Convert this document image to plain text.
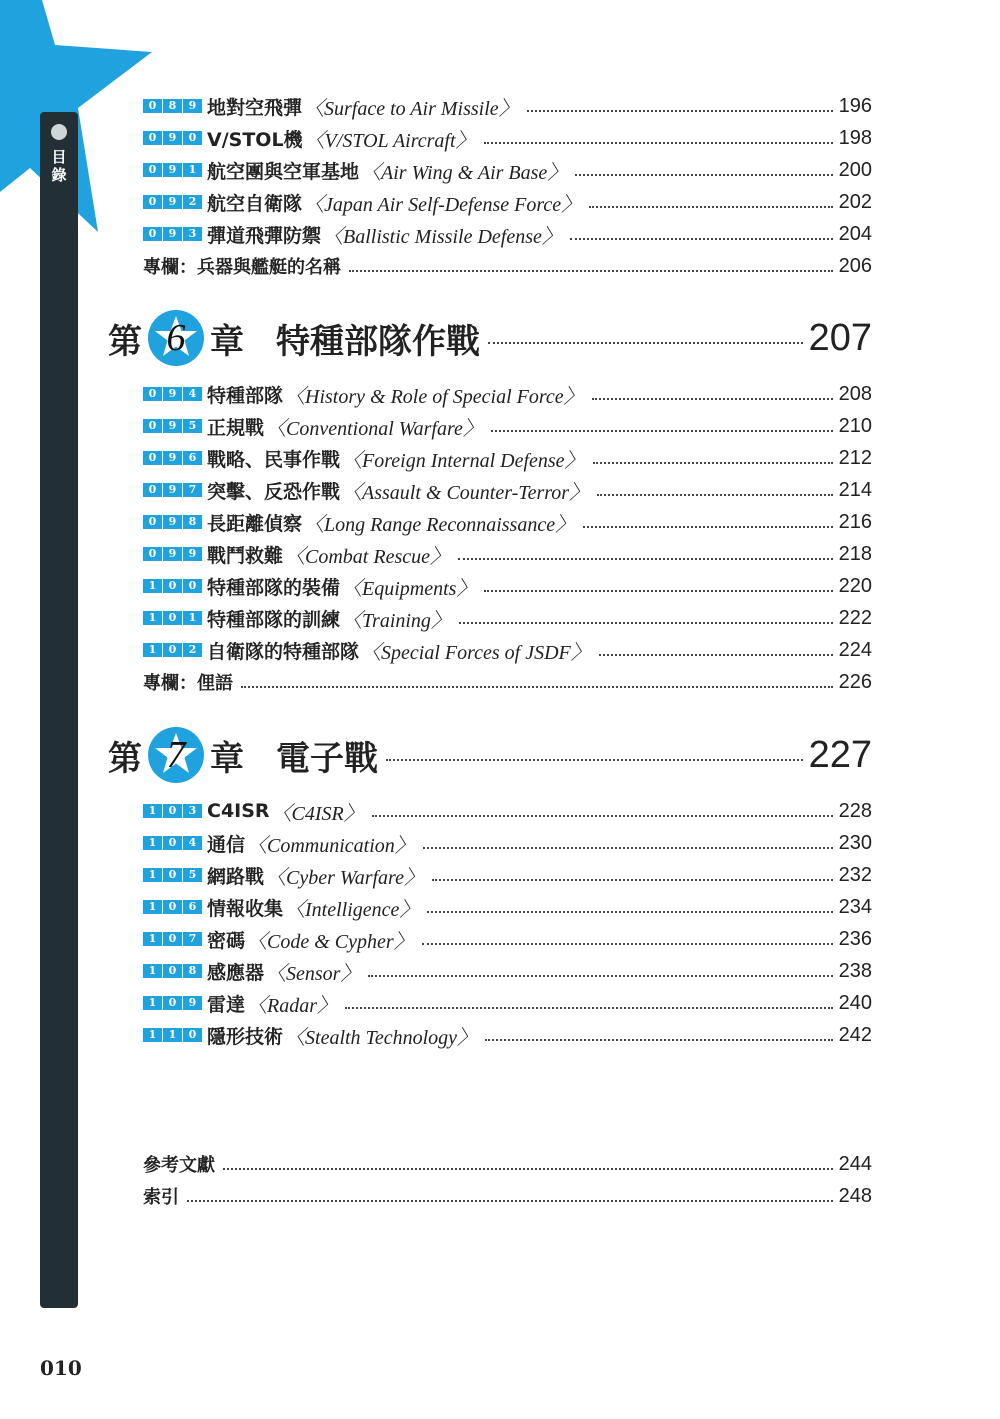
目錄
0	8	9 地對空飛彈 〈Surface to Air Missile〉	196
0	9	0 V/STOL機 〈V/STOL Aircraft〉	198
0	9	1 航空團與空軍基地 〈Air Wing & Air Base〉	200
0	9	2 航空自衛隊 〈Japan Air Self-Defense Force〉	202
0	9	3 彈道飛彈防禦 〈Ballistic Missile Defense〉	204
專欄：兵器與艦艇的名稱	206
第 6 章 特種部隊作戰	207
0	9	4 特種部隊 〈History & Role of Special Force〉	208
0	9	5 正規戰 〈Conventional Warfare〉	210
0	9	6 戰略、民事作戰 〈Foreign Internal Defense〉	212
0	9	7 突擊、反恐作戰 〈Assault & Counter-Terror〉	214
0	9	8 長距離偵察 〈Long Range Reconnaissance〉	216
0	9	9 戰鬥救難 〈Combat Rescue〉	218
1	0	0 特種部隊的裝備 〈Equipments〉	220
1	0	1 特種部隊的訓練 〈Training〉	222
1	0	2 自衛隊的特種部隊 〈Special Forces of JSDF〉	224
專欄：俚語	226
第 7 章 電子戰	227
1	0	3 C4ISR 〈C4ISR〉	228
1	0	4 通信 〈Communication〉	230
1	0	5 網路戰 〈Cyber Warfare〉	232
1	0	6 情報收集 〈Intelligence〉	234
1	0	7 密碼 〈Code & Cypher〉	236
1	0	8 感應器 〈Sensor〉	238
1	0	9 雷達 〈Radar〉	240
1	1	0 隱形技術 〈Stealth Technology〉	242
參考文獻	244
索引	248
010
